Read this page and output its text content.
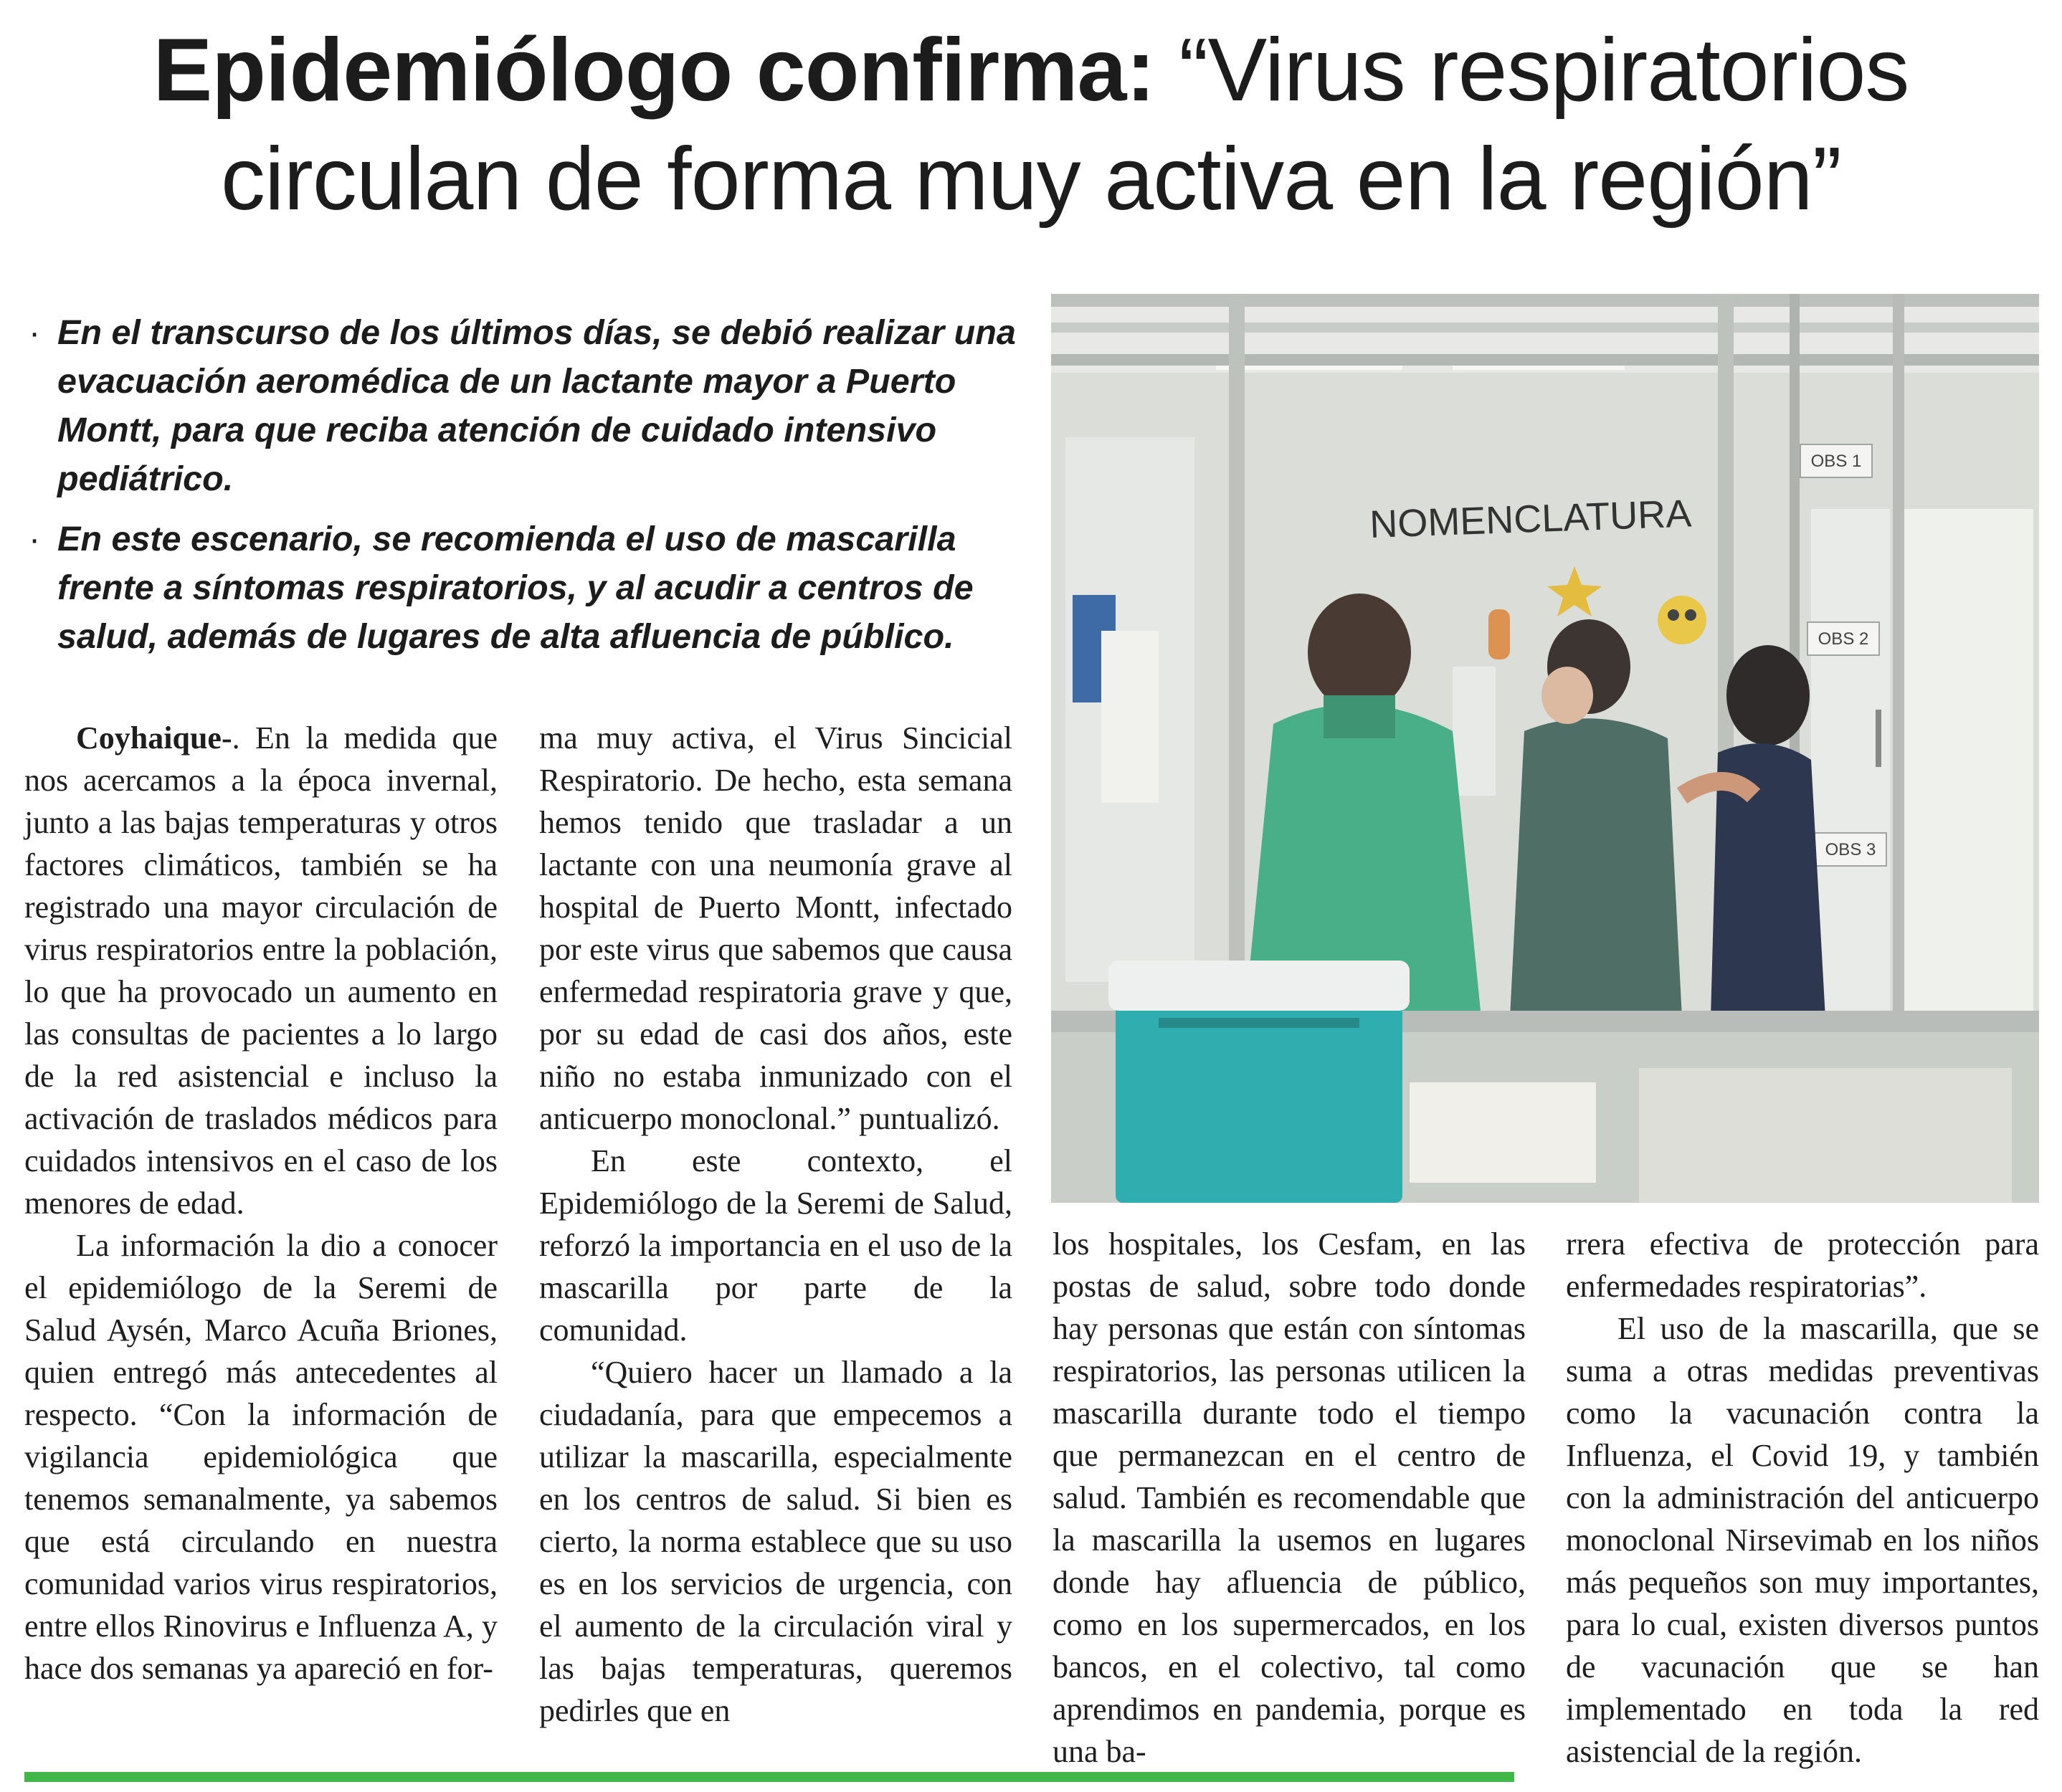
Epidemiólogo confirma: “Virus respiratorios
circulan de forma muy activa en la región”
· En el transcurso de los últimos días, se debió realizar una evacuación aeromédica de un lactante mayor a Puerto Montt, para que reciba atención de cuidado intensivo pediátrico.
· En este escenario, se recomienda el uso de mascarilla frente a síntomas respiratorios, y al acudir a centros de salud, además de lugares de alta afluencia de público.
OBS 1
OBS 2
OBS 3
NOMENCLATURA

Coyhaique-. En la medida que nos acercamos a la época invernal, junto a las bajas temperaturas y otros factores climáticos, también se ha registrado una mayor circulación de virus respiratorios entre la población, lo que ha provocado un aumento en las consultas de pacientes a lo largo de la red asistencial e incluso la activación de traslados médicos para cuidados intensivos en el caso de los menores de edad.

La información la dio a conocer el epidemiólogo de la Seremi de Salud Aysén, Marco Acuña Briones, quien entregó más antecedentes al respecto. “Con la información de vigilancia epidemiológica que tenemos semanalmente, ya sabemos que está circulando en nuestra comunidad varios virus respiratorios, entre ellos Rinovirus e Influenza A, y hace dos semanas ya apareció en for-

ma muy activa, el Virus Sincicial Respiratorio. De hecho, esta semana hemos tenido que trasladar a un lactante con una neumonía grave al hospital de Puerto Montt, infectado por este virus que sabemos que causa enfermedad respiratoria grave y que, por su edad de casi dos años, este niño no estaba inmunizado con el anticuerpo monoclonal.” puntualizó.

En este contexto, el Epidemiólogo de la Seremi de Salud, reforzó la importancia en el uso de la mascarilla por parte de la comunidad.

“Quiero hacer un llamado a la ciudadanía, para que empecemos a utilizar la mascarilla, especialmente en los centros de salud. Si bien es cierto, la norma establece que su uso es en los servicios de urgencia, con el aumento de la circulación viral y las bajas temperaturas, queremos pedirles que en

los hospitales, los Cesfam, en las postas de salud, sobre todo donde hay personas que están con síntomas respiratorios, las personas utilicen la mascarilla durante todo el tiempo que permanezcan en el centro de salud. También es recomendable que la mascarilla la usemos en lugares donde hay afluencia de público, como en los supermercados, en los bancos, en el colectivo, tal como aprendimos en pandemia, porque es una ba-

rrera efectiva de protección para enfermedades respiratorias”.

El uso de la mascarilla, que se suma a otras medidas preventivas como la vacunación contra la Influenza, el Covid 19, y también con la administración del anticuerpo monoclonal Nirsevimab en los niños más pequeños son muy importantes, para lo cual, existen diversos puntos de vacunación que se han implementado en toda la red asistencial de la región.
